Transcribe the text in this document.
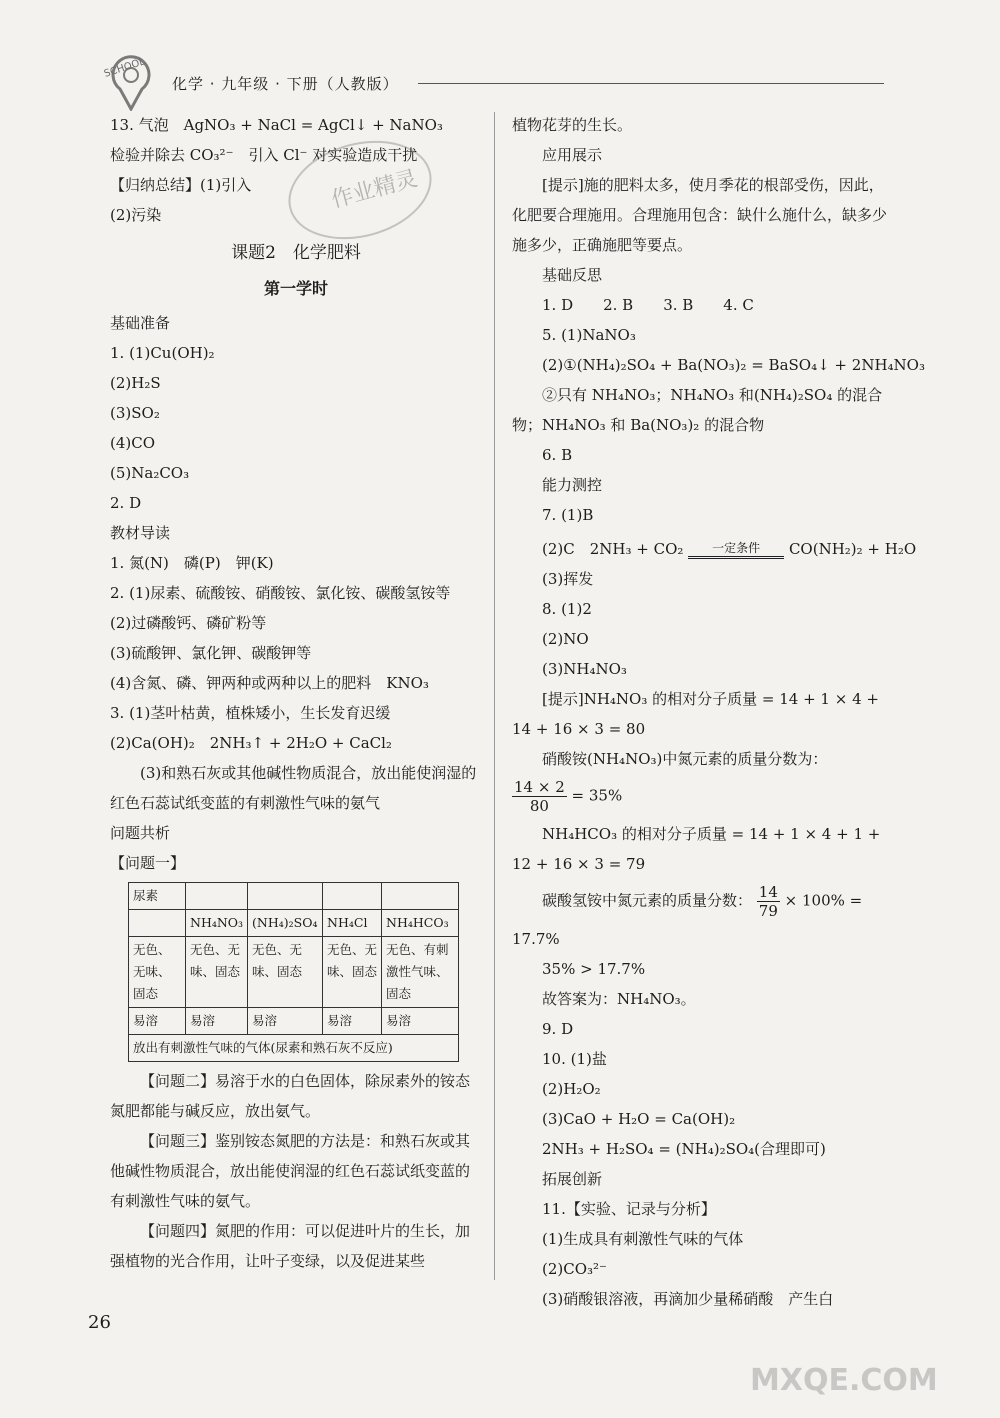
SCHOOL
化学 · 九年级 · 下册（人教版）
作业精灵
13. 气泡　AgNO₃ + NaCl = AgCl↓ + NaNO₃
检验并除去 CO₃²⁻　引入 Cl⁻ 对实验造成干扰
【归纳总结】(1)引入
(2)污染
课题2　化学肥料
第一学时
基础准备
1. (1)Cu(OH)₂
(2)H₂S
(3)SO₂
(4)CO
(5)Na₂CO₃
2. D
教材导读
1. 氮(N)　磷(P)　钾(K)
2. (1)尿素、硫酸铵、硝酸铵、氯化铵、碳酸氢铵等
(2)过磷酸钙、磷矿粉等
(3)硫酸钾、氯化钾、碳酸钾等
(4)含氮、磷、钾两种或两种以上的肥料　KNO₃
3. (1)茎叶枯黄，植株矮小，生长发育迟缓
(2)Ca(OH)₂　2NH₃↑ + 2H₂O + CaCl₂
(3)和熟石灰或其他碱性物质混合，放出能使润湿的红色石蕊试纸变蓝的有刺激性气味的氨气
问题共析
【问题一】
尿素				
	NH₄NO₃	(NH₄)₂SO₄	NH₄Cl	NH₄HCO₃
无色、无味、固态	无色、无味、固态	无色、无味、固态	无色、无味、固态	无色、有刺激性气味、固态
易溶	易溶	易溶	易溶	易溶
放出有刺激性气味的气体(尿素和熟石灰不反应)				
【问题二】易溶于水的白色固体，除尿素外的铵态氮肥都能与碱反应，放出氨气。
【问题三】鉴别铵态氮肥的方法是：和熟石灰或其他碱性物质混合，放出能使润湿的红色石蕊试纸变蓝的有刺激性气味的氨气。
【问题四】氮肥的作用：可以促进叶片的生长，加强植物的光合作用，让叶子变绿，以及促进某些
植物花芽的生长。
应用展示
[提示]施的肥料太多，使月季花的根部受伤，因此，化肥要合理施用。合理施用包含：缺什么施什么，缺多少施多少，正确施肥等要点。
基础反思
1. D　　2. B　　3. B　　4. C
5. (1)NaNO₃
(2)①(NH₄)₂SO₄ + Ba(NO₃)₂ = BaSO₄↓ + 2NH₄NO₃
②只有 NH₄NO₃；NH₄NO₃ 和(NH₄)₂SO₄ 的混合物；NH₄NO₃ 和 Ba(NO₃)₂ 的混合物
6. B
能力测控
7. (1)B
(2)C　2NH₃ + CO₂	一定条件	CO(NH₂)₂ + H₂O
(3)挥发
8. (1)2
(2)NO
(3)NH₄NO₃
[提示]NH₄NO₃ 的相对分子质量 = 14 + 1 × 4 + 14 + 16 × 3 = 80
硝酸铵(NH₄NO₃)中氮元素的质量分数为：
$\frac{14 \times 2}{80} = 35\%$
NH₄HCO₃ 的相对分子质量 = 14 + 1 × 4 + 1 + 12 + 16 × 3 = 79
碳酸氢铵中氮元素的质量分数： $\frac{14}{79} \times 100\%$ =
17.7%
35% > 17.7%
故答案为：NH₄NO₃。
9. D
10. (1)盐
(2)H₂O₂
(3)CaO + H₂O = Ca(OH)₂
2NH₃ + H₂SO₄ = (NH₄)₂SO₄(合理即可)
拓展创新
11.【实验、记录与分析】
(1)生成具有刺激性气味的气体
(2)CO₃²⁻
(3)硝酸银溶液，再滴加少量稀硝酸　产生白
26
MXQE.COM
